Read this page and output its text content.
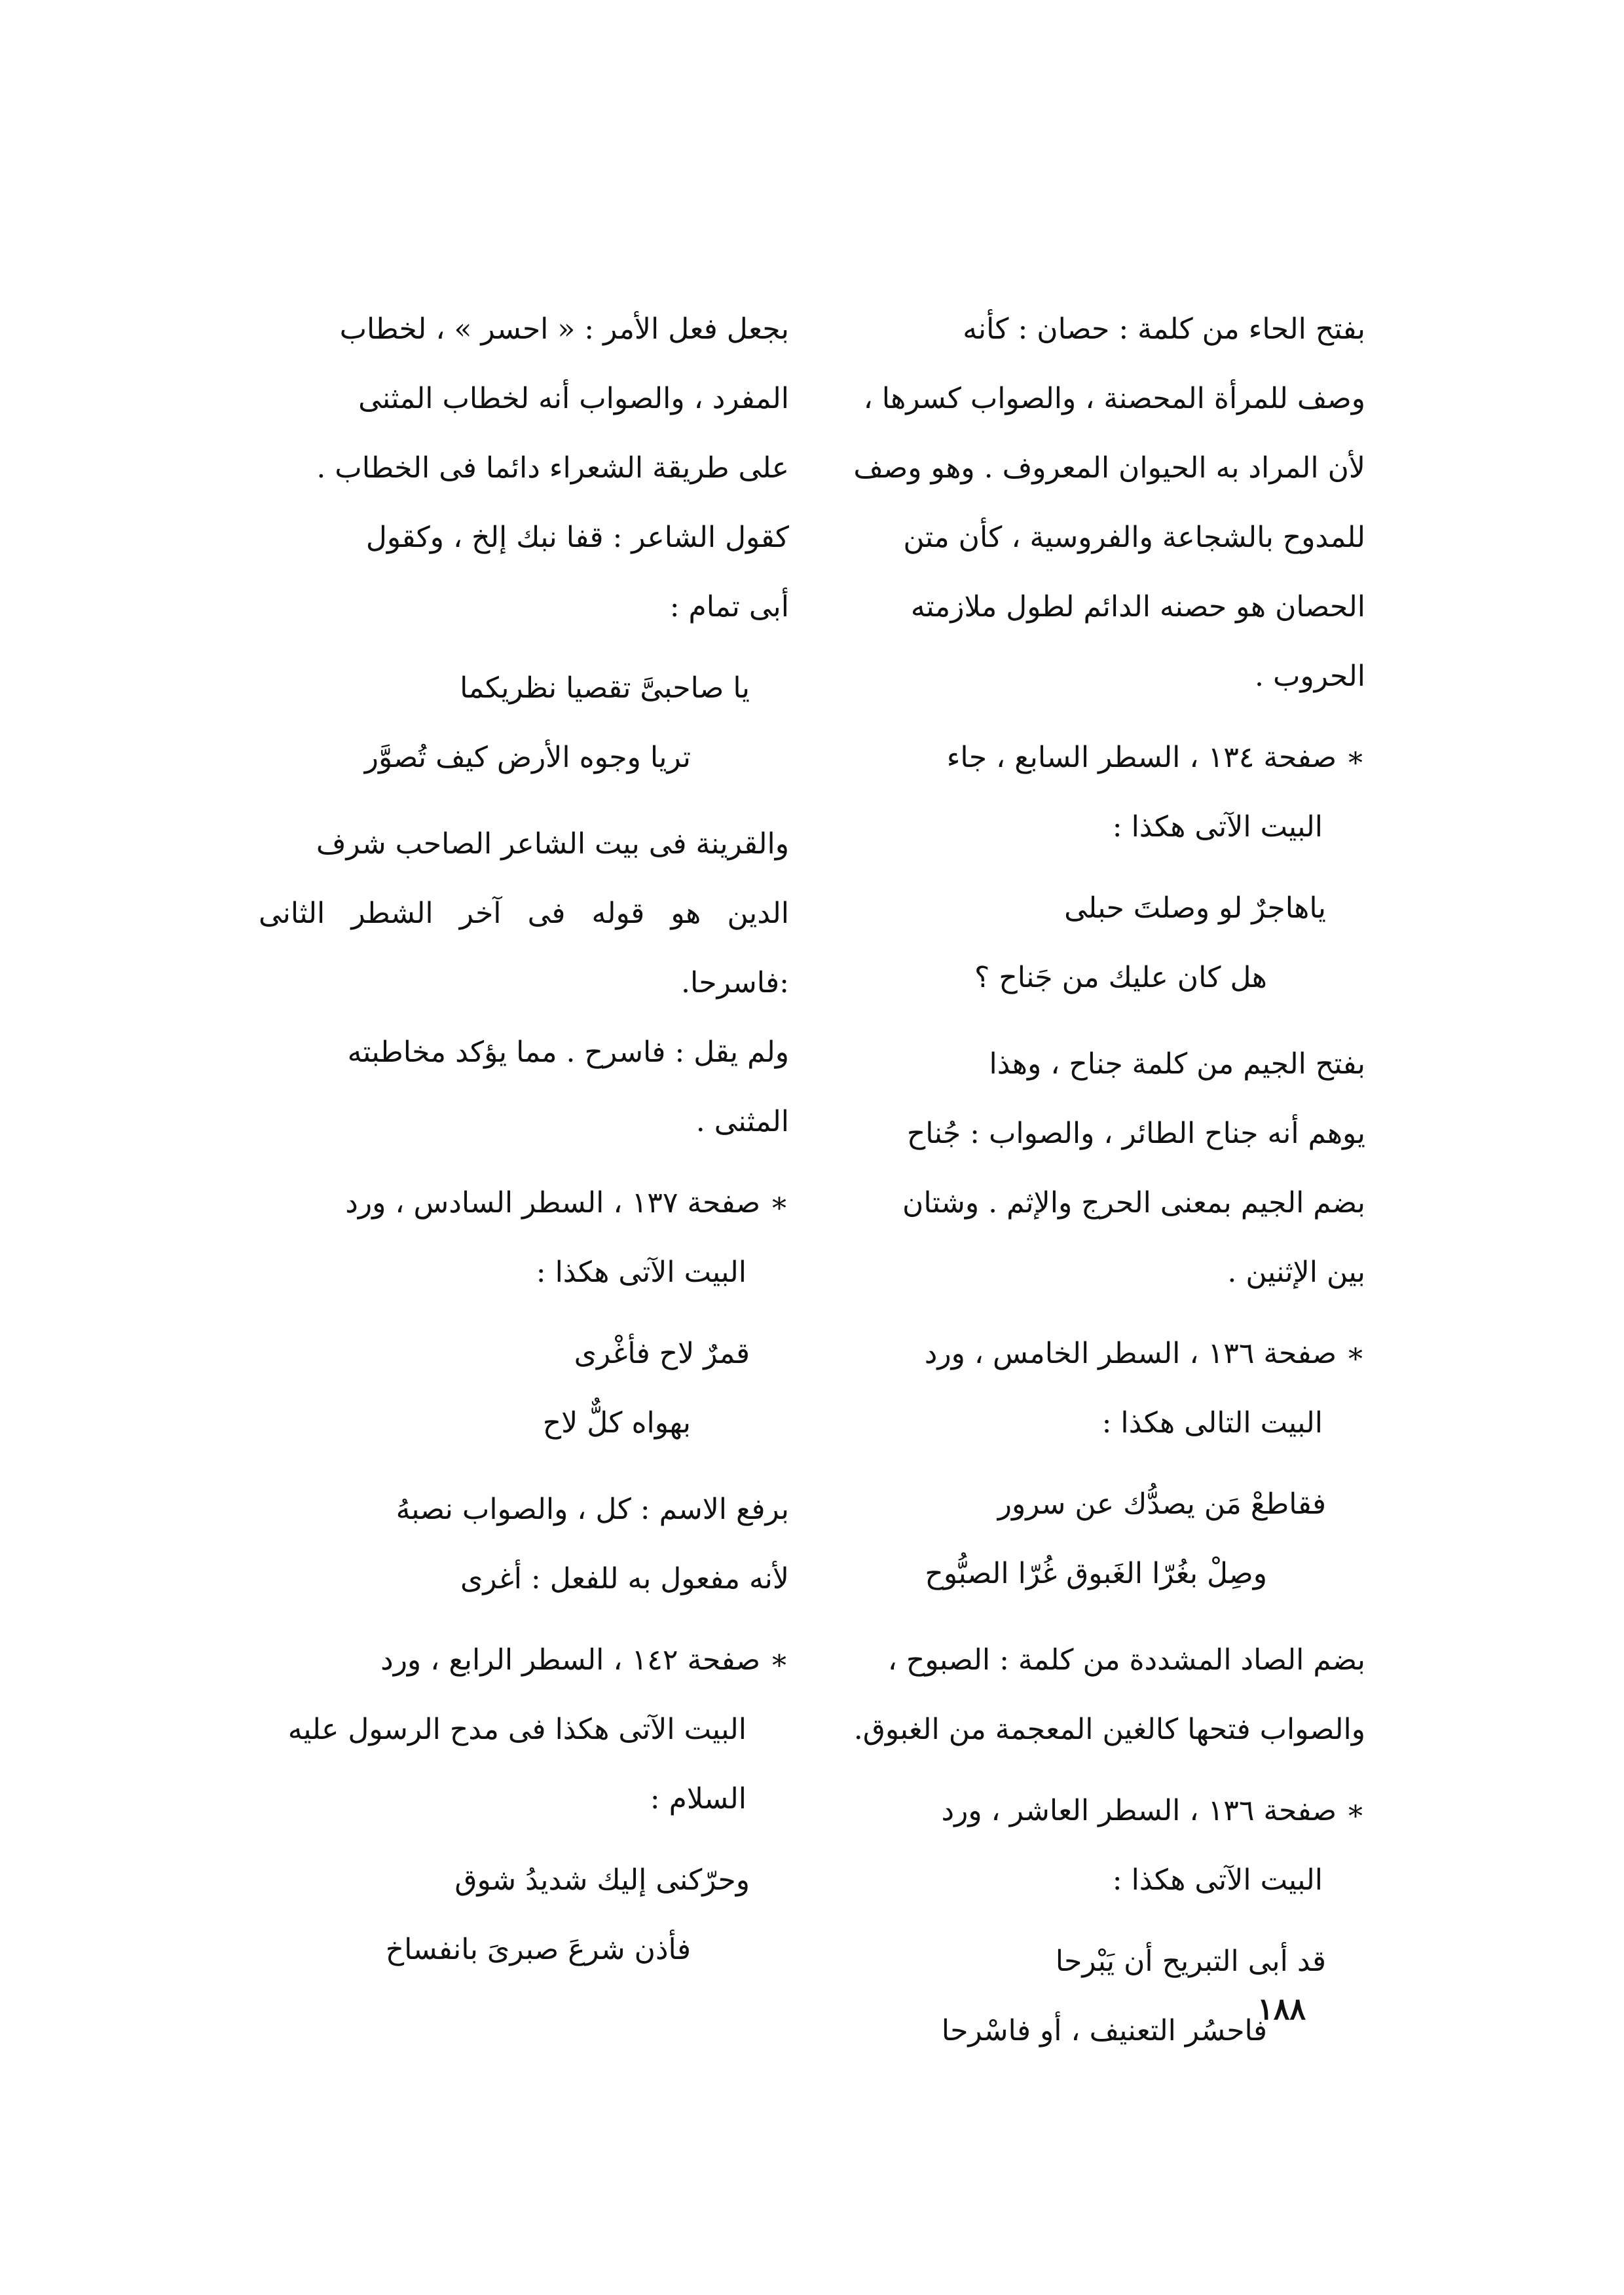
بفتح الحاء من كلمة : حصان : كأنه

وصف للمرأة المحصنة ، والصواب كسرها ،

لأن المراد به الحيوان المعروف . وهو وصف

للمدوح بالشجاعة والفروسية ، كأن متن

الحصان هو حصنه الدائم لطول ملازمته

الحروب .

∗ صفحة ١٣٤ ، السطر السابع ، جاء

البيت الآتى هكذا :

ياهاجرٌ لو وصلتَ حبلى

هل كان عليك من جَناح ؟

بفتح الجيم من كلمة جناح ، وهذا

يوهم أنه جناح الطائر ، والصواب : جُناح

بضم الجيم بمعنى الحرج والإثم . وشتان

بين الإثنين .

∗ صفحة ١٣٦ ، السطر الخامس ، ورد

البيت التالى هكذا :

فقاطعْ مَن يصدُّك عن سرور

وصِلْ بغُرّا الغَبوق غُرّا الصبُّوح

بضم الصاد المشددة من كلمة : الصبوح ،

والصواب فتحها كالغين المعجمة من الغبوق.

∗ صفحة ١٣٦ ، السطر العاشر ، ورد

البيت الآتى هكذا :

قد أبى التبريح أن يَبْرحا

فاحسُر التعنيف ، أو فاسْرحا

بجعل فعل الأمر : « احسر » ، لخطاب

المفرد ، والصواب أنه لخطاب المثنى

على طريقة الشعراء دائما فى الخطاب .

كقول الشاعر : قفا نبك إلخ ، وكقول

أبى تمام :

يا صاحبىَّ تقصيا نظريكما

تريا وجوه الأرض كيف تُصوَّر

والقرينة فى بيت الشاعر الصاحب شرف

الدين هو قوله فى آخر الشطر الثانى :فاسرحا.

ولم يقل : فاسرح . مما يؤكد مخاطبته

المثنى .

∗ صفحة ١٣٧ ، السطر السادس ، ورد

البيت الآتى هكذا :

قمرٌ لاح فأغْرى

بهواه كلٌّ لاح

برفع الاسم : كل ، والصواب نصبهُ

لأنه مفعول به للفعل : أغرى

∗ صفحة ١٤٢ ، السطر الرابع ، ورد

البيت الآتى هكذا فى مدح الرسول عليه

السلام :

وحرّكنى إليك شديدُ شوق

فأذن شرعَ صبرىَ بانفساخ

١٨٨
